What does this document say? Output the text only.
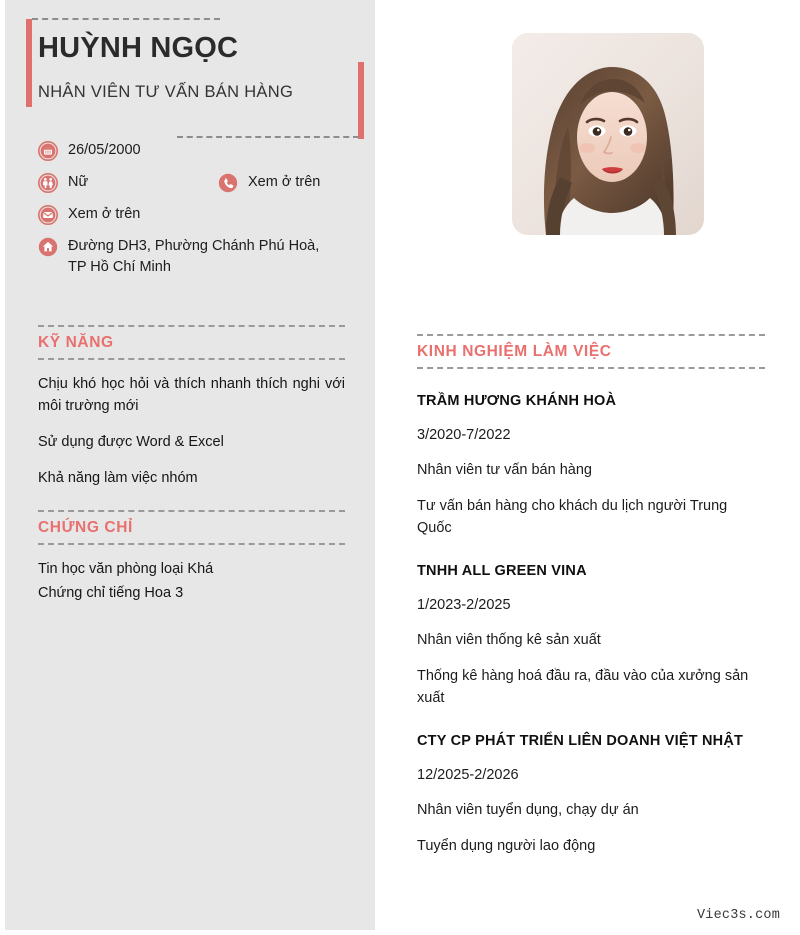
HUỲNH NGỌC
NHÂN VIÊN TƯ VẤN BÁN HÀNG
26/05/2000
Nữ	Xem ở trên
Xem ở trên
Đường DH3, Phường Chánh Phú Hoà, TP Hồ Chí Minh
KỸ NĂNG
Chịu khó học hỏi và thích nhanh thích nghi với môi trường mới
Sử dụng được Word & Excel
Khả năng làm việc nhóm
CHỨNG CHỈ
Tin học văn phòng loại Khá
Chứng chỉ tiếng Hoa 3
KINH NGHIỆM LÀM VIỆC
TRẦM HƯƠNG KHÁNH HOÀ
3/2020-7/2022
Nhân viên tư vấn bán hàng
Tư vấn bán hàng cho khách du lịch người Trung Quốc
TNHH ALL GREEN VINA
1/2023-2/2025
Nhân viên thống kê sản xuất
Thống kê hàng hoá đầu ra, đầu vào của xưởng sản xuất
CTY CP PHÁT TRIỂN LIÊN DOANH VIỆT NHẬT
12/2025-2/2026
Nhân viên tuyển dụng, chạy dự án
Tuyển dụng người lao động
Viec3s.com
